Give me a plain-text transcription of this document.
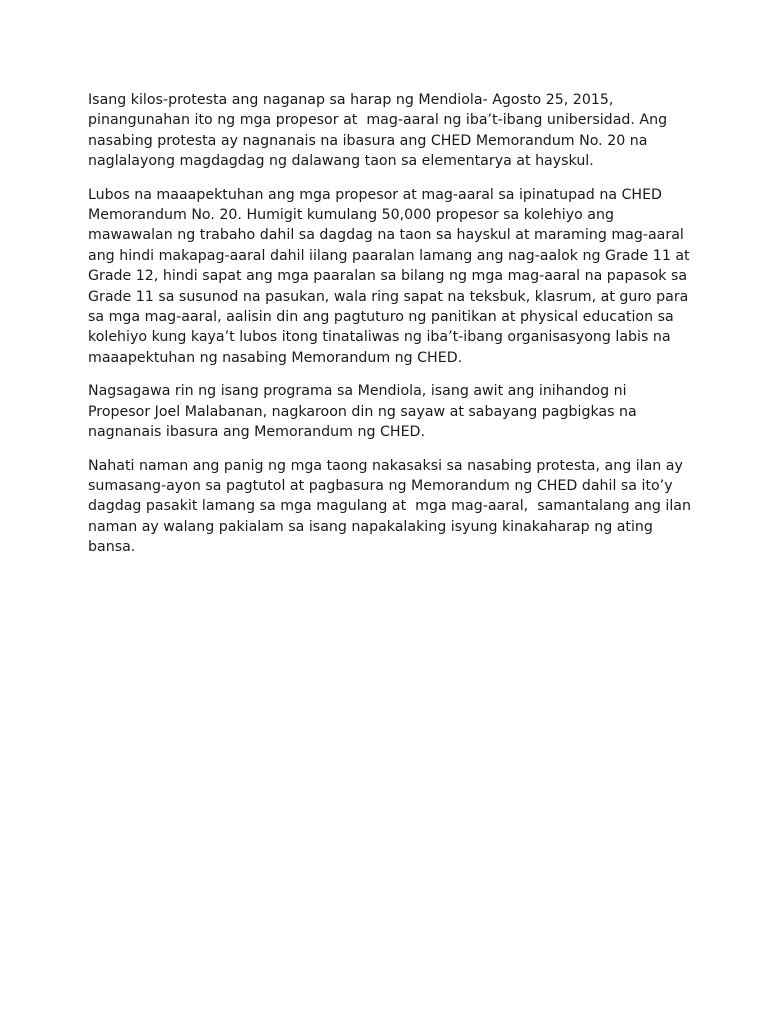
Isang kilos-protesta ang naganap sa harap ng Mendiola- Agosto 25, 2015,
pinangunahan ito ng mga propesor at  mag-aaral ng iba’t-ibang unibersidad. Ang
nasabing protesta ay nagnanais na ibasura ang CHED Memorandum No. 20 na
naglalayong magdagdag ng dalawang taon sa elementarya at hayskul.

Lubos na maaapektuhan ang mga propesor at mag-aaral sa ipinatupad na CHED
Memorandum No. 20. Humigit kumulang 50,000 propesor sa kolehiyo ang
mawawalan ng trabaho dahil sa dagdag na taon sa hayskul at maraming mag-aaral
ang hindi makapag-aaral dahil iilang paaralan lamang ang nag-aalok ng Grade 11 at
Grade 12, hindi sapat ang mga paaralan sa bilang ng mga mag-aaral na papasok sa
Grade 11 sa susunod na pasukan, wala ring sapat na teksbuk, klasrum, at guro para
sa mga mag-aaral, aalisin din ang pagtuturo ng panitikan at physical education sa
kolehiyo kung kaya’t lubos itong tinataliwas ng iba’t-ibang organisasyong labis na
maaapektuhan ng nasabing Memorandum ng CHED.

Nagsagawa rin ng isang programa sa Mendiola, isang awit ang inihandog ni
Propesor Joel Malabanan, nagkaroon din ng sayaw at sabayang pagbigkas na
nagnanais ibasura ang Memorandum ng CHED.

Nahati naman ang panig ng mga taong nakasaksi sa nasabing protesta, ang ilan ay
sumasang-ayon sa pagtutol at pagbasura ng Memorandum ng CHED dahil sa ito’y
dagdag pasakit lamang sa mga magulang at  mga mag-aaral,  samantalang ang ilan
naman ay walang pakialam sa isang napakalaking isyung kinakaharap ng ating
bansa.
